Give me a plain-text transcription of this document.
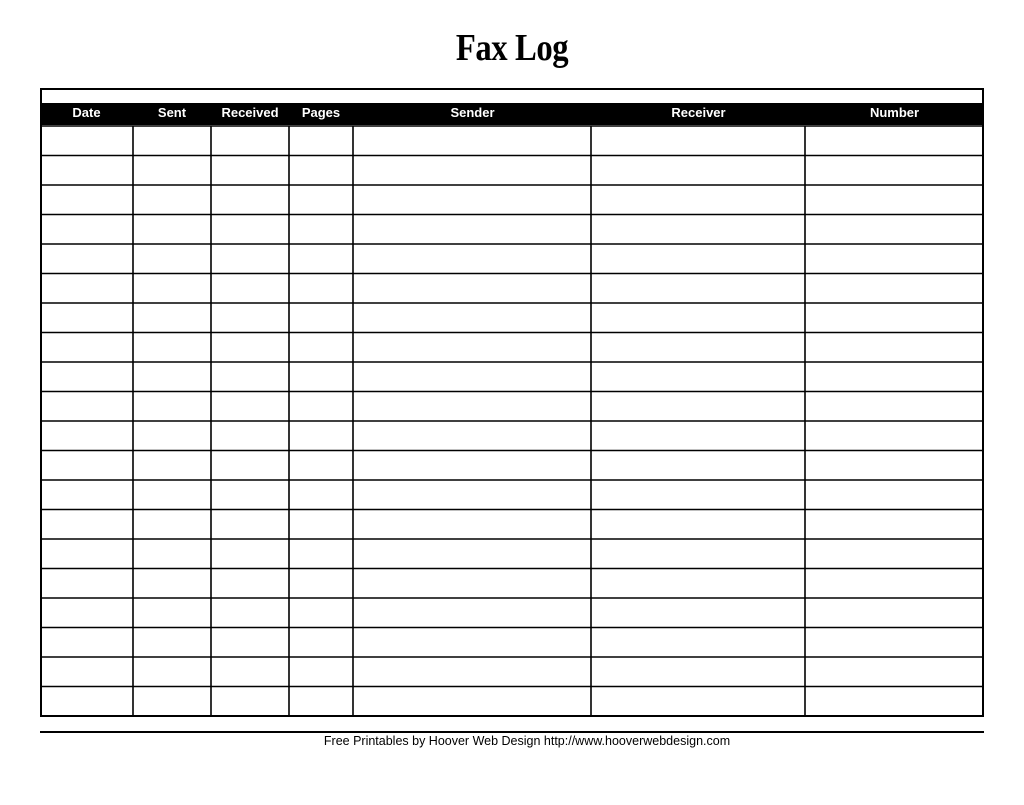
Fax Log
Date	Sent	Received	Pages	Sender	Receiver	Number
Free Printables by Hoover Web Design http://www.hooverwebdesign.com
